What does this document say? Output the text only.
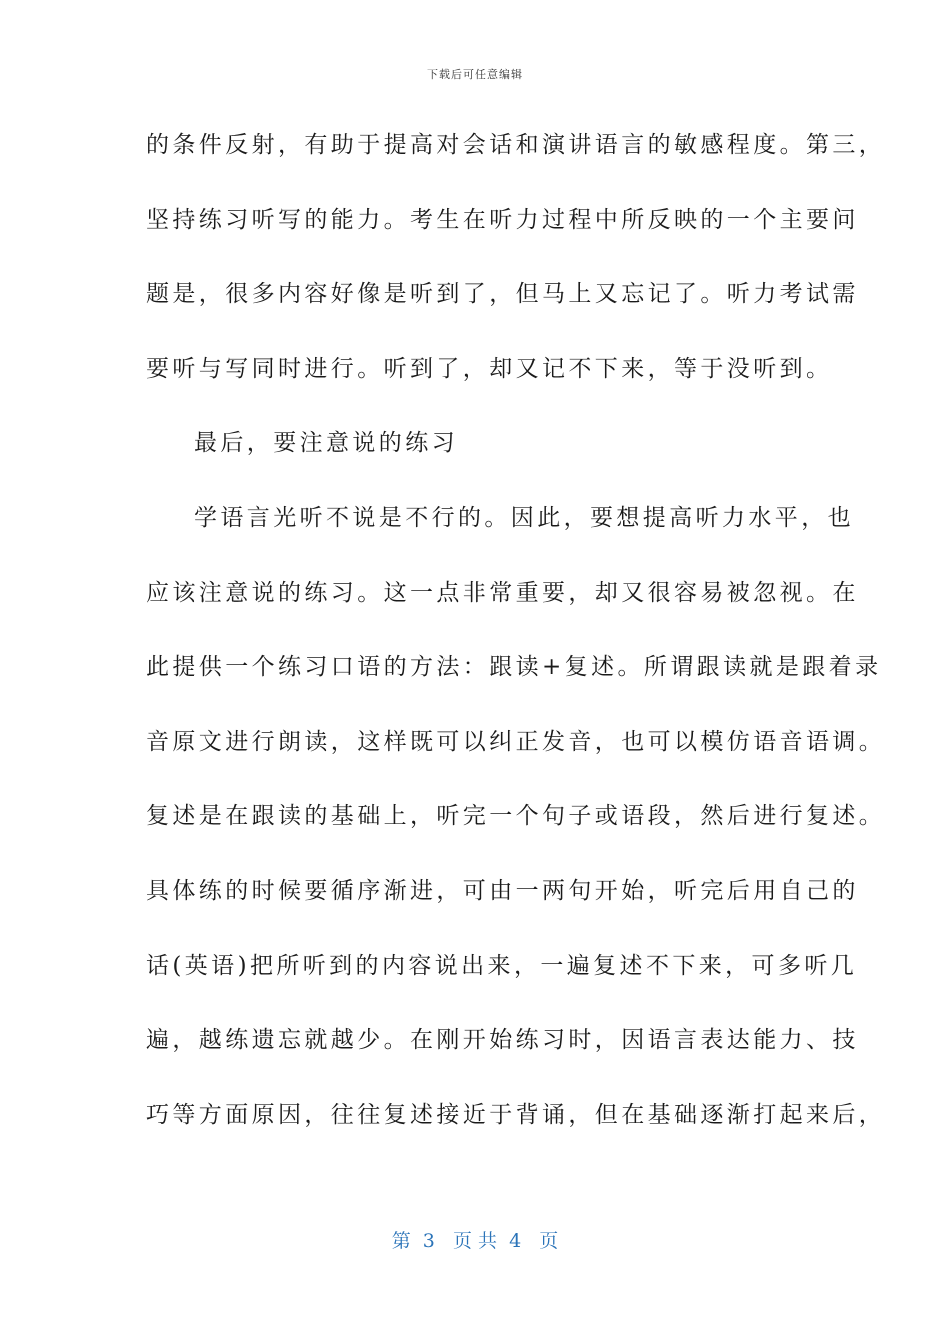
下载后可任意编辑
的条件反射，有助于提高对会话和演讲语言的敏感程度。第三，
坚持练习听写的能力。考生在听力过程中所反映的一个主要问
题是，很多内容好像是听到了，但马上又忘记了。听力考试需
要听与写同时进行。听到了，却又记不下来，等于没听到。
最后，要注意说的练习
学语言光听不说是不行的。因此，要想提高听力水平，也
应该注意说的练习。这一点非常重要，却又很容易被忽视。在
此提供一个练习口语的方法：跟读+复述。所谓跟读就是跟着录
音原文进行朗读，这样既可以纠正发音，也可以模仿语音语调。
复述是在跟读的基础上，听完一个句子或语段，然后进行复述。
具体练的时候要循序渐进，可由一两句开始，听完后用自己的
话(英语)把所听到的内容说出来，一遍复述不下来，可多听几
遍，越练遗忘就越少。在刚开始练习时，因语言表达能力、技
巧等方面原因，往往复述接近于背诵，但在基础逐渐打起来后，
第  3   页 共  4   页
